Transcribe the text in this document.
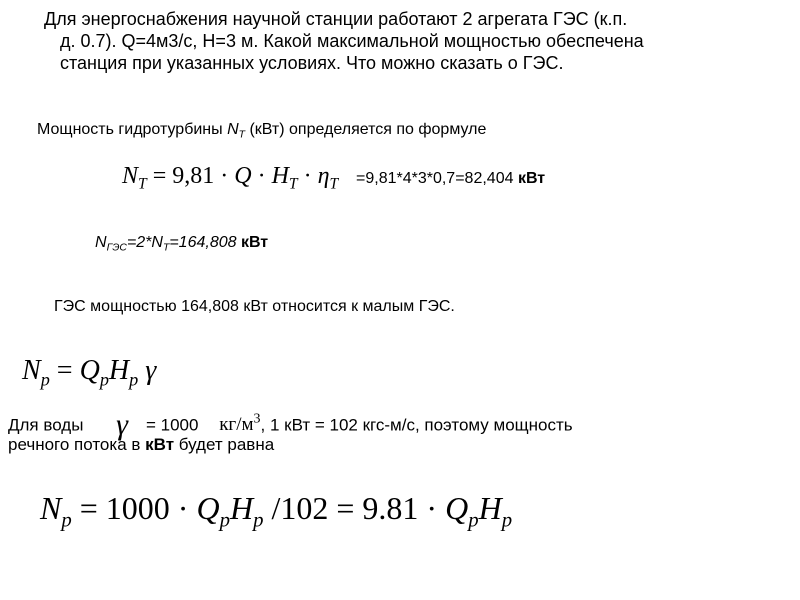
Для энергоснабжения научной станции работают 2 агрегата ГЭС (к.п.
д. 0.7). Q=4м3/с, H=3 м. Какой максимальной мощностью обеспечена
станция при указанных условиях. Что можно сказать о ГЭС.
Мощность гидротурбины $N_T$ (кВт) определяется по формуле
$N_T = 9,81 \cdot Q \cdot H_T \cdot \eta_T =9,81*4*3*0,7=82,404$ кВт
$N_{ГЭС}=2*N_T=164,808$ кВт
ГЭС мощностью 164,808 кВт относится к малым ГЭС.
$N_p = Q_pH_p$ γ
Для воды γ = 1000 $кг/м^3$, 1 кВт = 102 кгс-м/с, поэтому мощность
речного потока в кВт будет равна
$N_p = 1000 \cdot Q_pH_p$ $/102 = 9.81 \cdot Q_pH_p$
